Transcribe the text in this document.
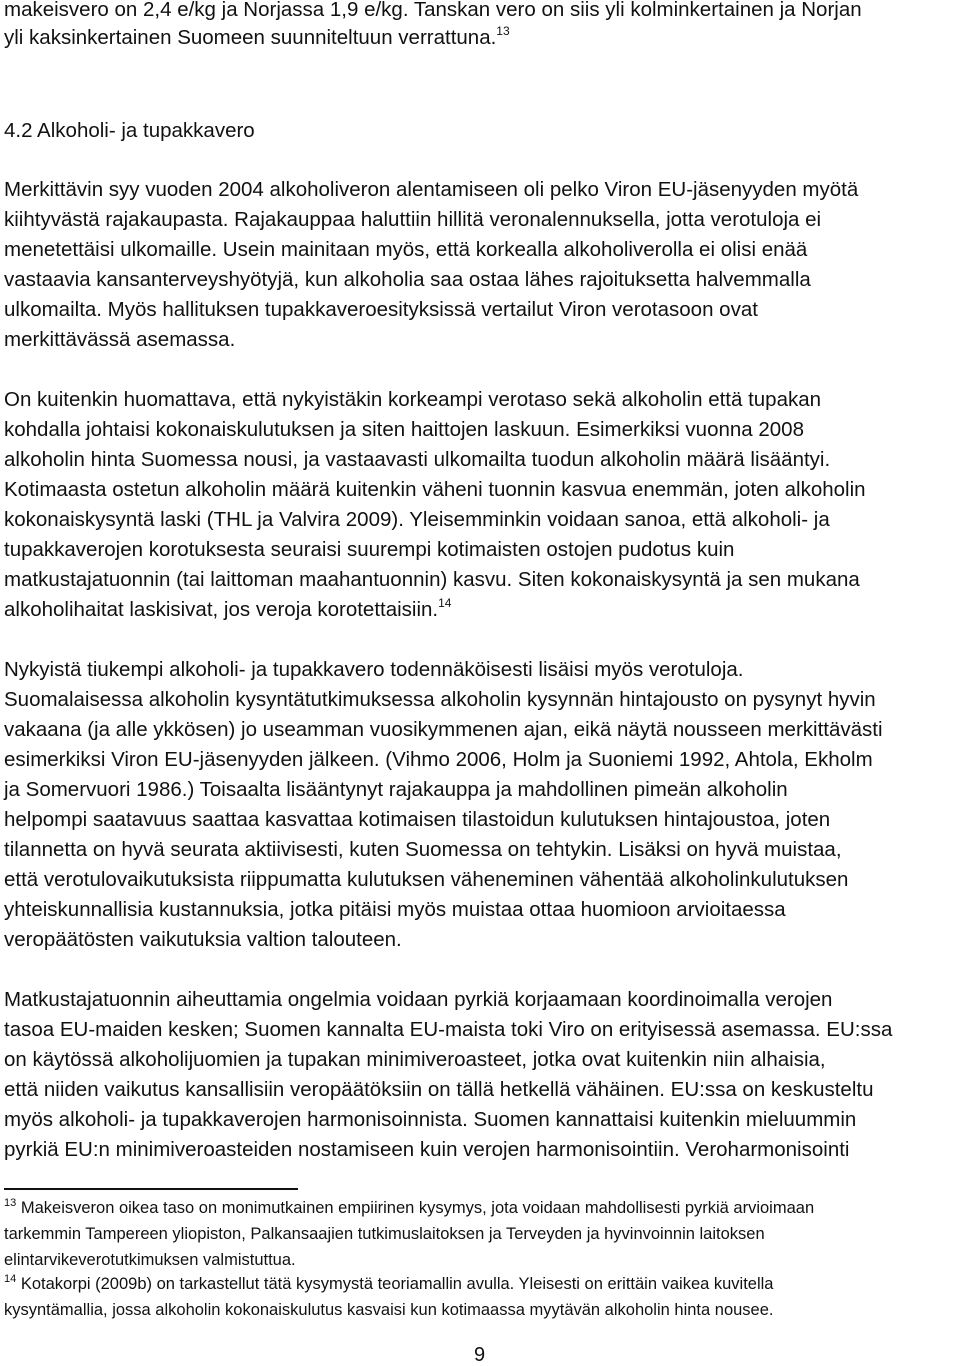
makeisvero on 2,4 e/kg ja Norjassa 1,9 e/kg. Tanskan vero on siis yli kolminkertainen ja Norjan
yli kaksinkertainen Suomeen suunniteltuun verrattuna.$^{13}$
4.2 Alkoholi- ja tupakkavero
Merkittävin syy vuoden 2004 alkoholiveron alentamiseen oli pelko Viron EU-jäsenyyden myötä
kiihtyvästä rajakaupasta. Rajakauppaa haluttiin hillitä veronalennuksella, jotta verotuloja ei
menetettäisi ulkomaille. Usein mainitaan myös, että korkealla alkoholiverolla ei olisi enää
vastaavia kansanterveyshyötyjä, kun alkoholia saa ostaa lähes rajoituksetta halvemmalla
ulkomailta. Myös hallituksen tupakkaveroesityksissä vertailut Viron verotasoon ovat
merkittävässä asemassa.
On kuitenkin huomattava, että nykyistäkin korkeampi verotaso sekä alkoholin että tupakan
kohdalla johtaisi kokonaiskulutuksen ja siten haittojen laskuun. Esimerkiksi vuonna 2008
alkoholin hinta Suomessa nousi, ja vastaavasti ulkomailta tuodun alkoholin määrä lisääntyi.
Kotimaasta ostetun alkoholin määrä kuitenkin väheni tuonnin kasvua enemmän, joten alkoholin
kokonaiskysyntä laski (THL ja Valvira 2009). Yleisemminkin voidaan sanoa, että alkoholi- ja
tupakkaverojen korotuksesta seuraisi suurempi kotimaisten ostojen pudotus kuin
matkustajatuonnin (tai laittoman maahantuonnin) kasvu. Siten kokonaiskysyntä ja sen mukana
alkoholihaitat laskisivat, jos veroja korotettaisiin.$^{14}$
Nykyistä tiukempi alkoholi- ja tupakkavero todennäköisesti lisäisi myös verotuloja.
Suomalaisessa alkoholin kysyntätutkimuksessa alkoholin kysynnän hintajousto on pysynyt hyvin
vakaana (ja alle ykkösen) jo useamman vuosikymmenen ajan, eikä näytä nousseen merkittävästi
esimerkiksi Viron EU-jäsenyyden jälkeen. (Vihmo 2006, Holm ja Suoniemi 1992, Ahtola, Ekholm
ja Somervuori 1986.) Toisaalta lisääntynyt rajakauppa ja mahdollinen pimeän alkoholin
helpompi saatavuus saattaa kasvattaa kotimaisen tilastoidun kulutuksen hintajoustoa, joten
tilannetta on hyvä seurata aktiivisesti, kuten Suomessa on tehtykin. Lisäksi on hyvä muistaa,
että verotulovaikutuksista riippumatta kulutuksen väheneminen vähentää alkoholinkulutuksen
yhteiskunnallisia kustannuksia, jotka pitäisi myös muistaa ottaa huomioon arvioitaessa
veropäätösten vaikutuksia valtion talouteen.
Matkustajatuonnin aiheuttamia ongelmia voidaan pyrkiä korjaamaan koordinoimalla verojen
tasoa EU-maiden kesken; Suomen kannalta EU-maista toki Viro on erityisessä asemassa. EU:ssa
on käytössä alkoholijuomien ja tupakan minimiveroasteet, jotka ovat kuitenkin niin alhaisia,
että niiden vaikutus kansallisiin veropäätöksiin on tällä hetkellä vähäinen. EU:ssa on keskusteltu
myös alkoholi- ja tupakkaverojen harmonisoinnista. Suomen kannattaisi kuitenkin mieluummin
pyrkiä EU:n minimiveroasteiden nostamiseen kuin verojen harmonisointiin. Veroharmonisointi
$^{13}$ Makeisveron oikea taso on monimutkainen empiirinen kysymys, jota voidaan mahdollisesti pyrkiä arvioimaan
tarkemmin Tampereen yliopiston, Palkansaajien tutkimuslaitoksen ja Terveyden ja hyvinvoinnin laitoksen
elintarvikeverotutkimuksen valmistuttua.
$^{14}$ Kotakorpi (2009b) on tarkastellut tätä kysymystä teoriamallin avulla. Yleisesti on erittäin vaikea kuvitella
kysyntämallia, jossa alkoholin kokonaiskulutus kasvaisi kun kotimaassa myytävän alkoholin hinta nousee.
9
